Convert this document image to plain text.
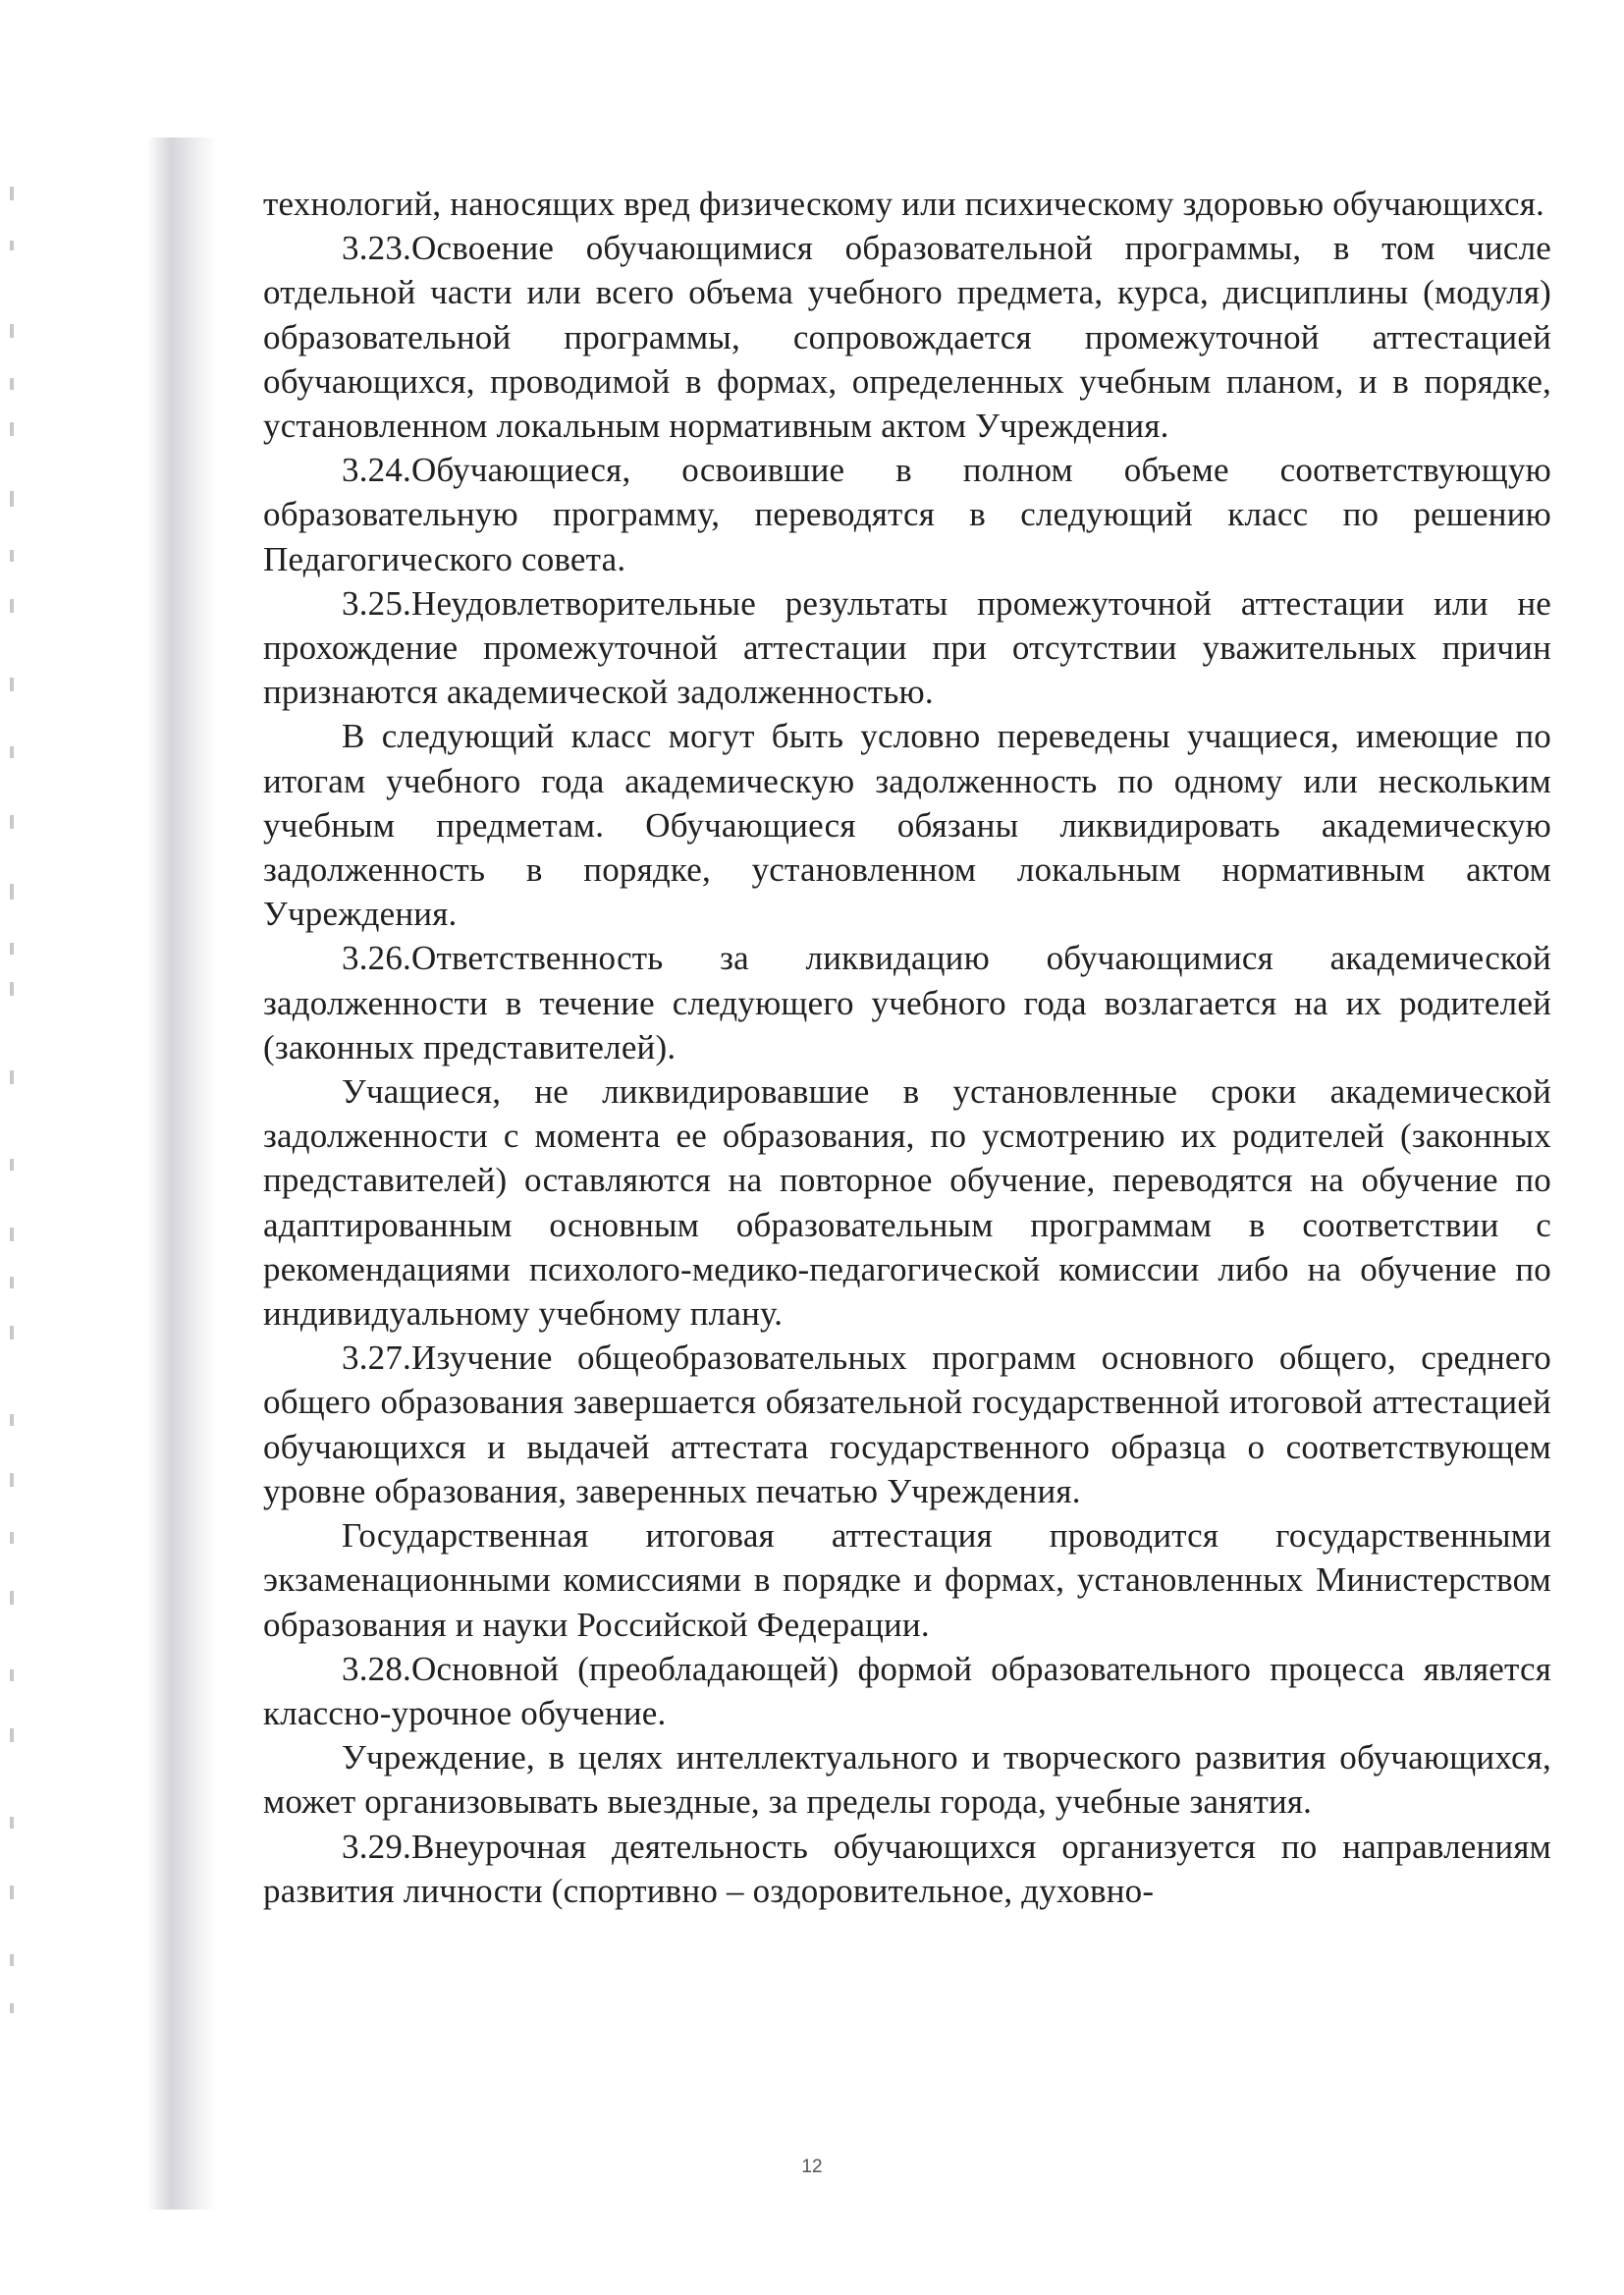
технологий, наносящих вред физическому или психическому здоровью обучающихся.

3.23.Освоение обучающимися образовательной программы, в том числе отдельной части или всего объема учебного предмета, курса, дисциплины (модуля) образовательной программы, сопровождается промежуточной аттестацией обучающихся, проводимой в формах, определенных учебным планом, и в порядке, установленном локальным нормативным актом Учреждения.

3.24.Обучающиеся, освоившие в полном объеме соответствующую образовательную программу, переводятся в следующий класс по решению Педагогического совета.

3.25.Неудовлетворительные результаты промежуточной аттестации или не прохождение промежуточной аттестации при отсутствии уважительных причин признаются академической задолженностью.

В следующий класс могут быть условно переведены учащиеся, имеющие по итогам учебного года академическую задолженность по одному или нескольким учебным предметам. Обучающиеся обязаны ликвидировать академическую задолженность в порядке, установленном локальным нормативным актом Учреждения.

3.26.Ответственность за ликвидацию обучающимися академической задолженности в течение следующего учебного года возлагается на их родителей (законных представителей).

Учащиеся, не ликвидировавшие в установленные сроки академической задолженности с момента ее образования, по усмотрению их родителей (законных представителей) оставляются на повторное обучение, переводятся на обучение по адаптированным основным образовательным программам в соответствии с рекомендациями психолого-медико-педагогической комиссии либо на обучение по индивидуальному учебному плану.

3.27.Изучение общеобразовательных программ основного общего, среднего общего образования завершается обязательной государственной итоговой аттестацией обучающихся и выдачей аттестата государственного образца о соответствующем уровне образования, заверенных печатью Учреждения.

Государственная итоговая аттестация проводится государственными экзаменационными комиссиями в порядке и формах, установленных Министерством образования и науки Российской Федерации.

3.28.Основной (преобладающей) формой образовательного процесса является классно-урочное обучение.

Учреждение, в целях интеллектуального и творческого развития обучающихся, может организовывать выездные, за пределы города, учебные занятия.

3.29.Внеурочная деятельность обучающихся организуется по направлениям развития личности (спортивно – оздоровительное, духовно-

12
